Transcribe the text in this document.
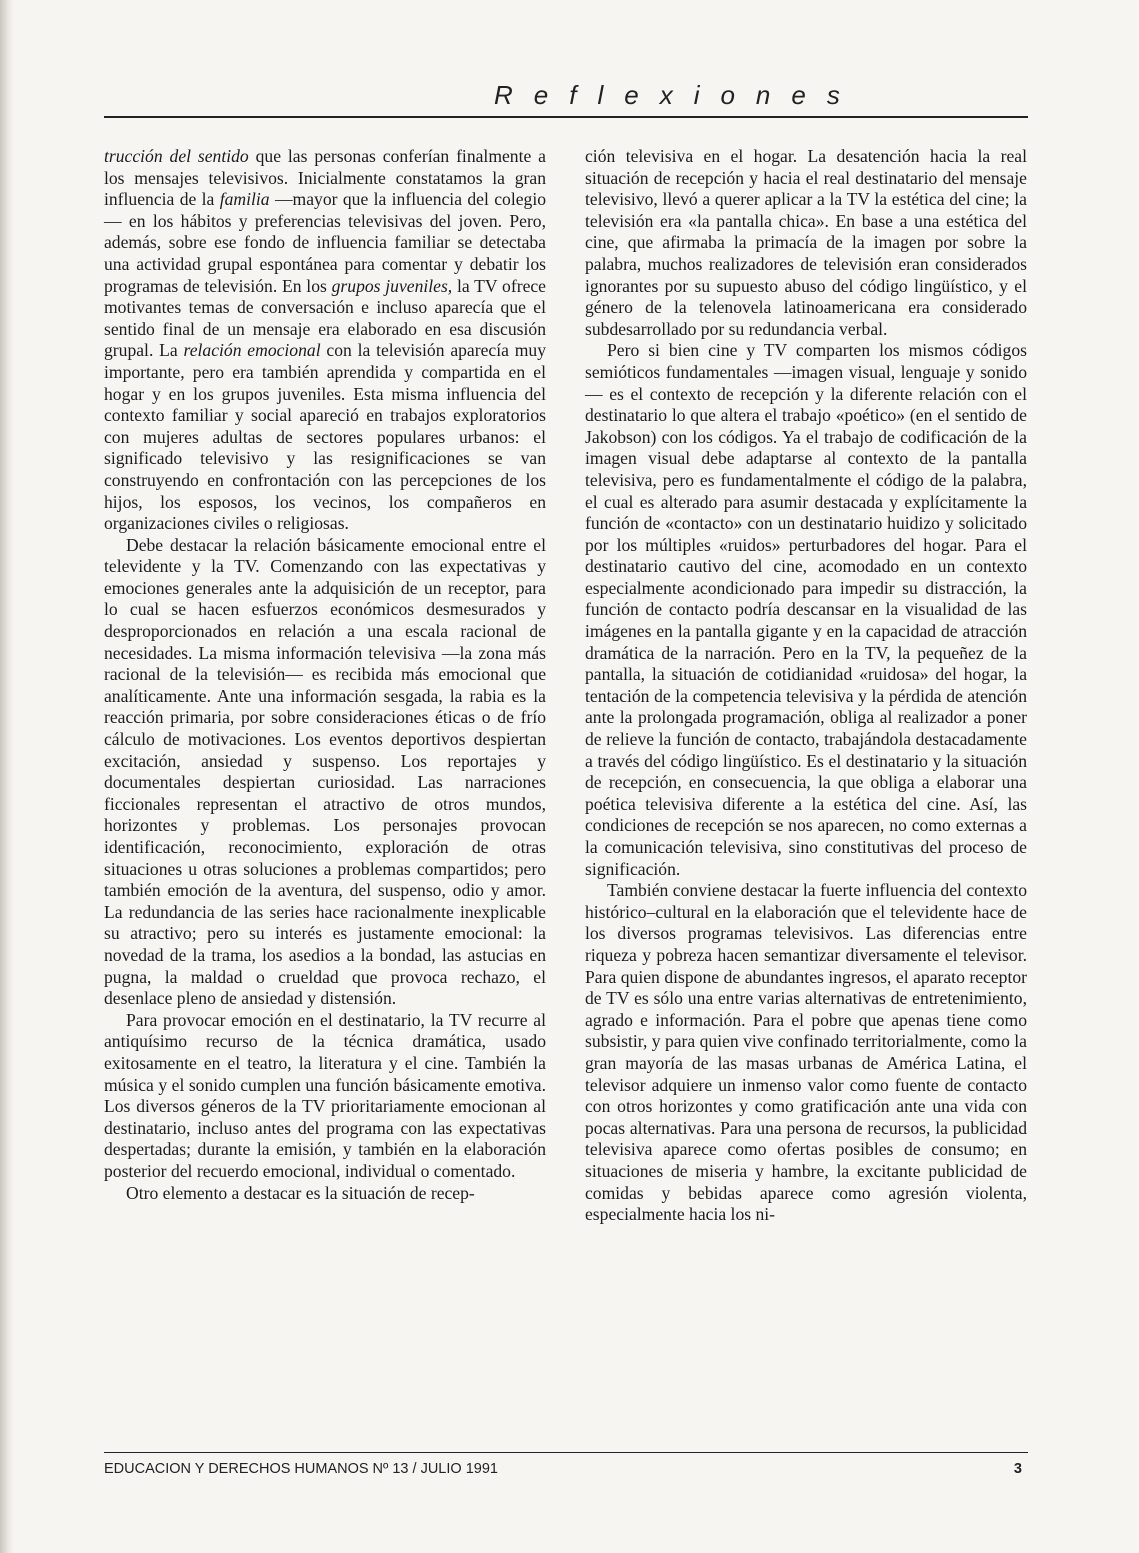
Reflexiones

trucción del sentido que las personas conferían finalmente a los mensajes televisivos. Inicialmente constatamos la gran influencia de la familia —mayor que la influencia del colegio— en los hábitos y preferencias televisivas del joven. Pero, además, sobre ese fondo de influencia familiar se detectaba una actividad grupal espontánea para comentar y debatir los programas de televisión. En los grupos juveniles, la TV ofrece motivantes temas de conversación e incluso aparecía que el sentido final de un mensaje era elaborado en esa discusión grupal. La relación emocional con la televisión aparecía muy importante, pero era también aprendida y compartida en el hogar y en los grupos juveniles. Esta misma influencia del contexto familiar y social apareció en trabajos exploratorios con mujeres adultas de sectores populares urbanos: el significado televisivo y las resignificaciones se van construyendo en confrontación con las percepciones de los hijos, los esposos, los vecinos, los compañeros en organizaciones civiles o religiosas.

Debe destacar la relación básicamente emocional entre el televidente y la TV. Comenzando con las expectativas y emociones generales ante la adquisición de un receptor, para lo cual se hacen esfuerzos económicos desmesurados y desproporcionados en relación a una escala racional de necesidades. La misma información televisiva —la zona más racional de la televisión— es recibida más emocional que analíticamente. Ante una información sesgada, la rabia es la reacción primaria, por sobre consideraciones éticas o de frío cálculo de motivaciones. Los eventos deportivos despiertan excitación, ansiedad y suspenso. Los reportajes y documentales despiertan curiosidad. Las narraciones ficcionales representan el atractivo de otros mundos, horizontes y problemas. Los personajes provocan identificación, reconocimiento, exploración de otras situaciones u otras soluciones a problemas compartidos; pero también emoción de la aventura, del suspenso, odio y amor. La redundancia de las series hace racionalmente inexplicable su atractivo; pero su interés es justamente emocional: la novedad de la trama, los asedios a la bondad, las astucias en pugna, la maldad o crueldad que provoca rechazo, el desenlace pleno de ansiedad y distensión.

Para provocar emoción en el destinatario, la TV recurre al antiquísimo recurso de la técnica dramática, usado exitosamente en el teatro, la literatura y el cine. También la música y el sonido cumplen una función básicamente emotiva. Los diversos géneros de la TV prioritariamente emocionan al destinatario, incluso antes del programa con las expectativas despertadas; durante la emisión, y también en la elaboración posterior del recuerdo emocional, individual o comentado.

Otro elemento a destacar es la situación de recep-

ción televisiva en el hogar. La desatención hacia la real situación de recepción y hacia el real destinatario del mensaje televisivo, llevó a querer aplicar a la TV la estética del cine; la televisión era «la pantalla chica». En base a una estética del cine, que afirmaba la primacía de la imagen por sobre la palabra, muchos realizadores de televisión eran considerados ignorantes por su supuesto abuso del código lingüístico, y el género de la telenovela latinoamericana era considerado subdesarrollado por su redundancia verbal.

Pero si bien cine y TV comparten los mismos códigos semióticos fundamentales —imagen visual, lenguaje y sonido— es el contexto de recepción y la diferente relación con el destinatario lo que altera el trabajo «poético» (en el sentido de Jakobson) con los códigos. Ya el trabajo de codificación de la imagen visual debe adaptarse al contexto de la pantalla televisiva, pero es fundamentalmente el código de la palabra, el cual es alterado para asumir destacada y explícitamente la función de «contacto» con un destinatario huidizo y solicitado por los múltiples «ruidos» perturbadores del hogar. Para el destinatario cautivo del cine, acomodado en un contexto especialmente acondicionado para impedir su distracción, la función de contacto podría descansar en la visualidad de las imágenes en la pantalla gigante y en la capacidad de atracción dramática de la narración. Pero en la TV, la pequeñez de la pantalla, la situación de cotidianidad «ruidosa» del hogar, la tentación de la competencia televisiva y la pérdida de atención ante la prolongada programación, obliga al realizador a poner de relieve la función de contacto, trabajándola destacadamente a través del código lingüístico. Es el destinatario y la situación de recepción, en consecuencia, la que obliga a elaborar una poética televisiva diferente a la estética del cine. Así, las condiciones de recepción se nos aparecen, no como externas a la comunicación televisiva, sino constitutivas del proceso de significación.

También conviene destacar la fuerte influencia del contexto histórico–cultural en la elaboración que el televidente hace de los diversos programas televisivos. Las diferencias entre riqueza y pobreza hacen semantizar diversamente el televisor. Para quien dispone de abundantes ingresos, el aparato receptor de TV es sólo una entre varias alternativas de entretenimiento, agrado e información. Para el pobre que apenas tiene como subsistir, y para quien vive confinado territorialmente, como la gran mayoría de las masas urbanas de América Latina, el televisor adquiere un inmenso valor como fuente de contacto con otros horizontes y como gratificación ante una vida con pocas alternativas. Para una persona de recursos, la publicidad televisiva aparece como ofertas posibles de consumo; en situaciones de miseria y hambre, la excitante publicidad de comidas y bebidas aparece como agresión violenta, especialmente hacia los ni-

EDUCACION Y DERECHOS HUMANOS Nº 13 / JULIO 1991	3
